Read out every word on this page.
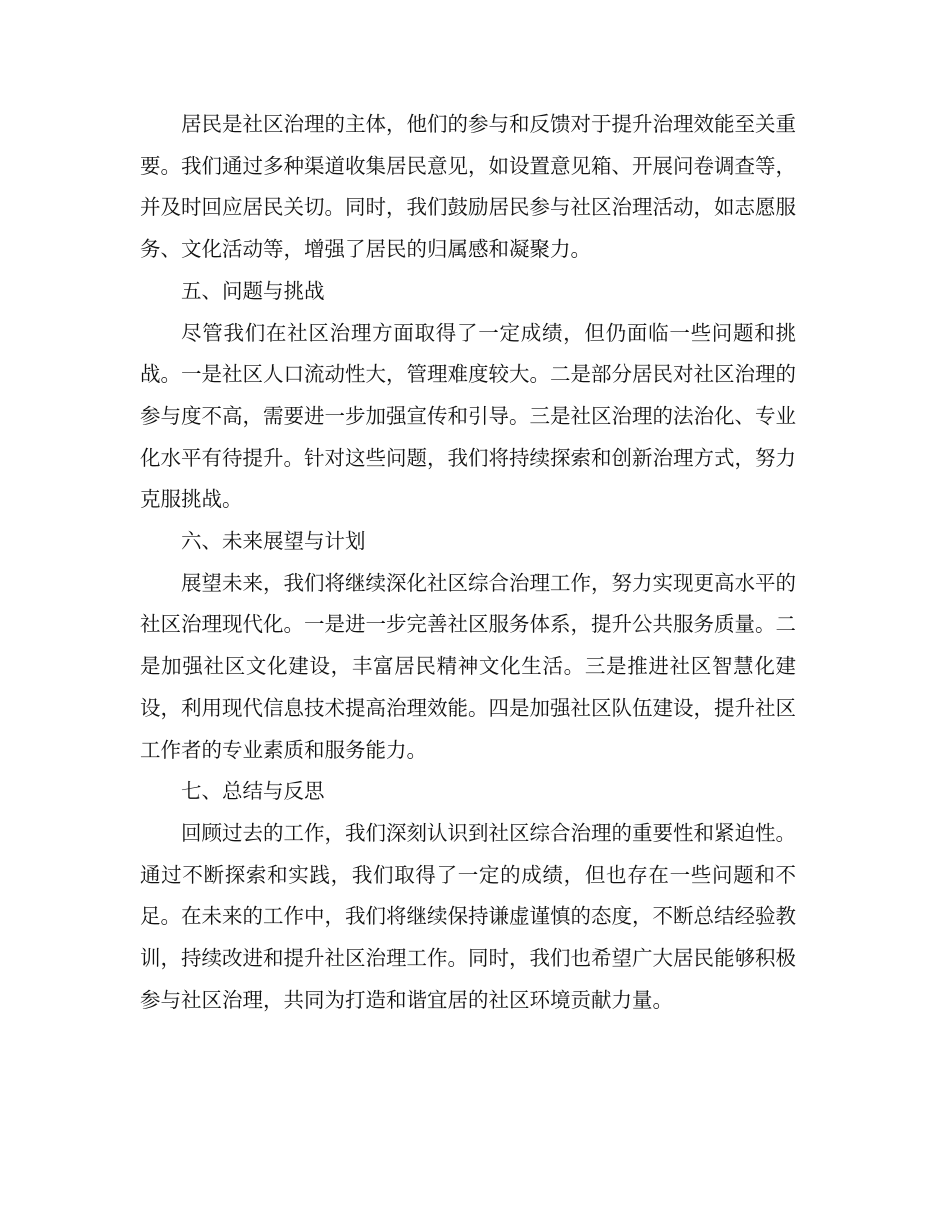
居民是社区治理的主体，他们的参与和反馈对于提升治理效能至关重要。我们通过多种渠道收集居民意见，如设置意见箱、开展问卷调查等，并及时回应居民关切。同时，我们鼓励居民参与社区治理活动，如志愿服务、文化活动等，增强了居民的归属感和凝聚力。

五、问题与挑战

尽管我们在社区治理方面取得了一定成绩，但仍面临一些问题和挑战。一是社区人口流动性大，管理难度较大。二是部分居民对社区治理的参与度不高，需要进一步加强宣传和引导。三是社区治理的法治化、专业化水平有待提升。针对这些问题，我们将持续探索和创新治理方式，努力克服挑战。

六、未来展望与计划

展望未来，我们将继续深化社区综合治理工作，努力实现更高水平的社区治理现代化。一是进一步完善社区服务体系，提升公共服务质量。二是加强社区文化建设，丰富居民精神文化生活。三是推进社区智慧化建设，利用现代信息技术提高治理效能。四是加强社区队伍建设，提升社区工作者的专业素质和服务能力。

七、总结与反思

回顾过去的工作，我们深刻认识到社区综合治理的重要性和紧迫性。通过不断探索和实践，我们取得了一定的成绩，但也存在一些问题和不足。在未来的工作中，我们将继续保持谦虚谨慎的态度，不断总结经验教训，持续改进和提升社区治理工作。同时，我们也希望广大居民能够积极参与社区治理，共同为打造和谐宜居的社区环境贡献力量。
